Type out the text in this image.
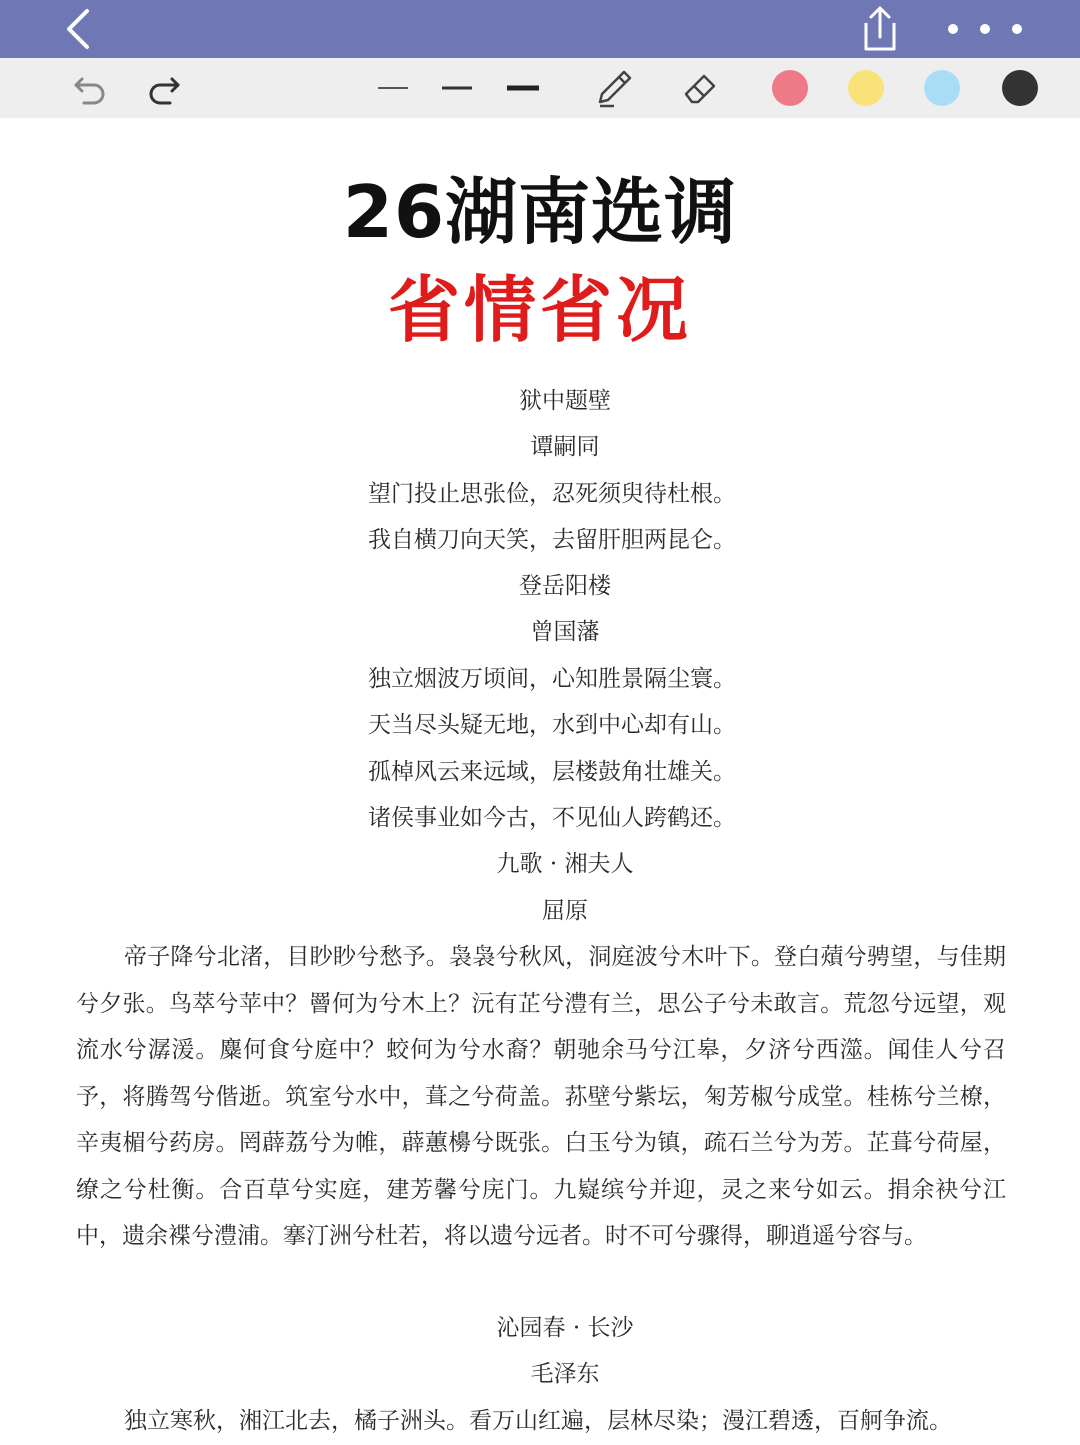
26湖南选调
省情省况
狱中题壁
谭嗣同
望门投止思张俭，忍死须臾待杜根。
我自横刀向天笑，去留肝胆两昆仑。
登岳阳楼
曾国藩
独立烟波万顷间，心知胜景隔尘寰。
天当尽头疑无地，水到中心却有山。
孤棹风云来远域，层楼鼓角壮雄关。
诸侯事业如今古，不见仙人跨鹤还。
九歌 · 湘夫人
屈原

帝子降兮北渚，目眇眇兮愁予。袅袅兮秋风，洞庭波兮木叶下。登白薠兮骋望，与佳期兮夕张。鸟萃兮苹中？罾何为兮木上？沅有芷兮澧有兰，思公子兮未敢言。荒忽兮远望，观流水兮潺湲。麋何食兮庭中？蛟何为兮水裔？朝驰余马兮江皋，夕济兮西澨。闻佳人兮召予，将腾驾兮偕逝。筑室兮水中，葺之兮荷盖。荪壁兮紫坛，匊芳椒兮成堂。桂栋兮兰橑，辛夷楣兮药房。罔薜荔兮为帷，薜蕙櫋兮既张。白玉兮为镇，疏石兰兮为芳。芷葺兮荷屋，缭之兮杜衡。合百草兮实庭，建芳馨兮庑门。九嶷缤兮并迎，灵之来兮如云。捐余袂兮江中，遗余褋兮澧浦。搴汀洲兮杜若，将以遗兮远者。时不可兮骤得，聊逍遥兮容与。

沁园春 · 长沙
毛泽东

独立寒秋，湘江北去，橘子洲头。看万山红遍，层林尽染；漫江碧透，百舸争流。
